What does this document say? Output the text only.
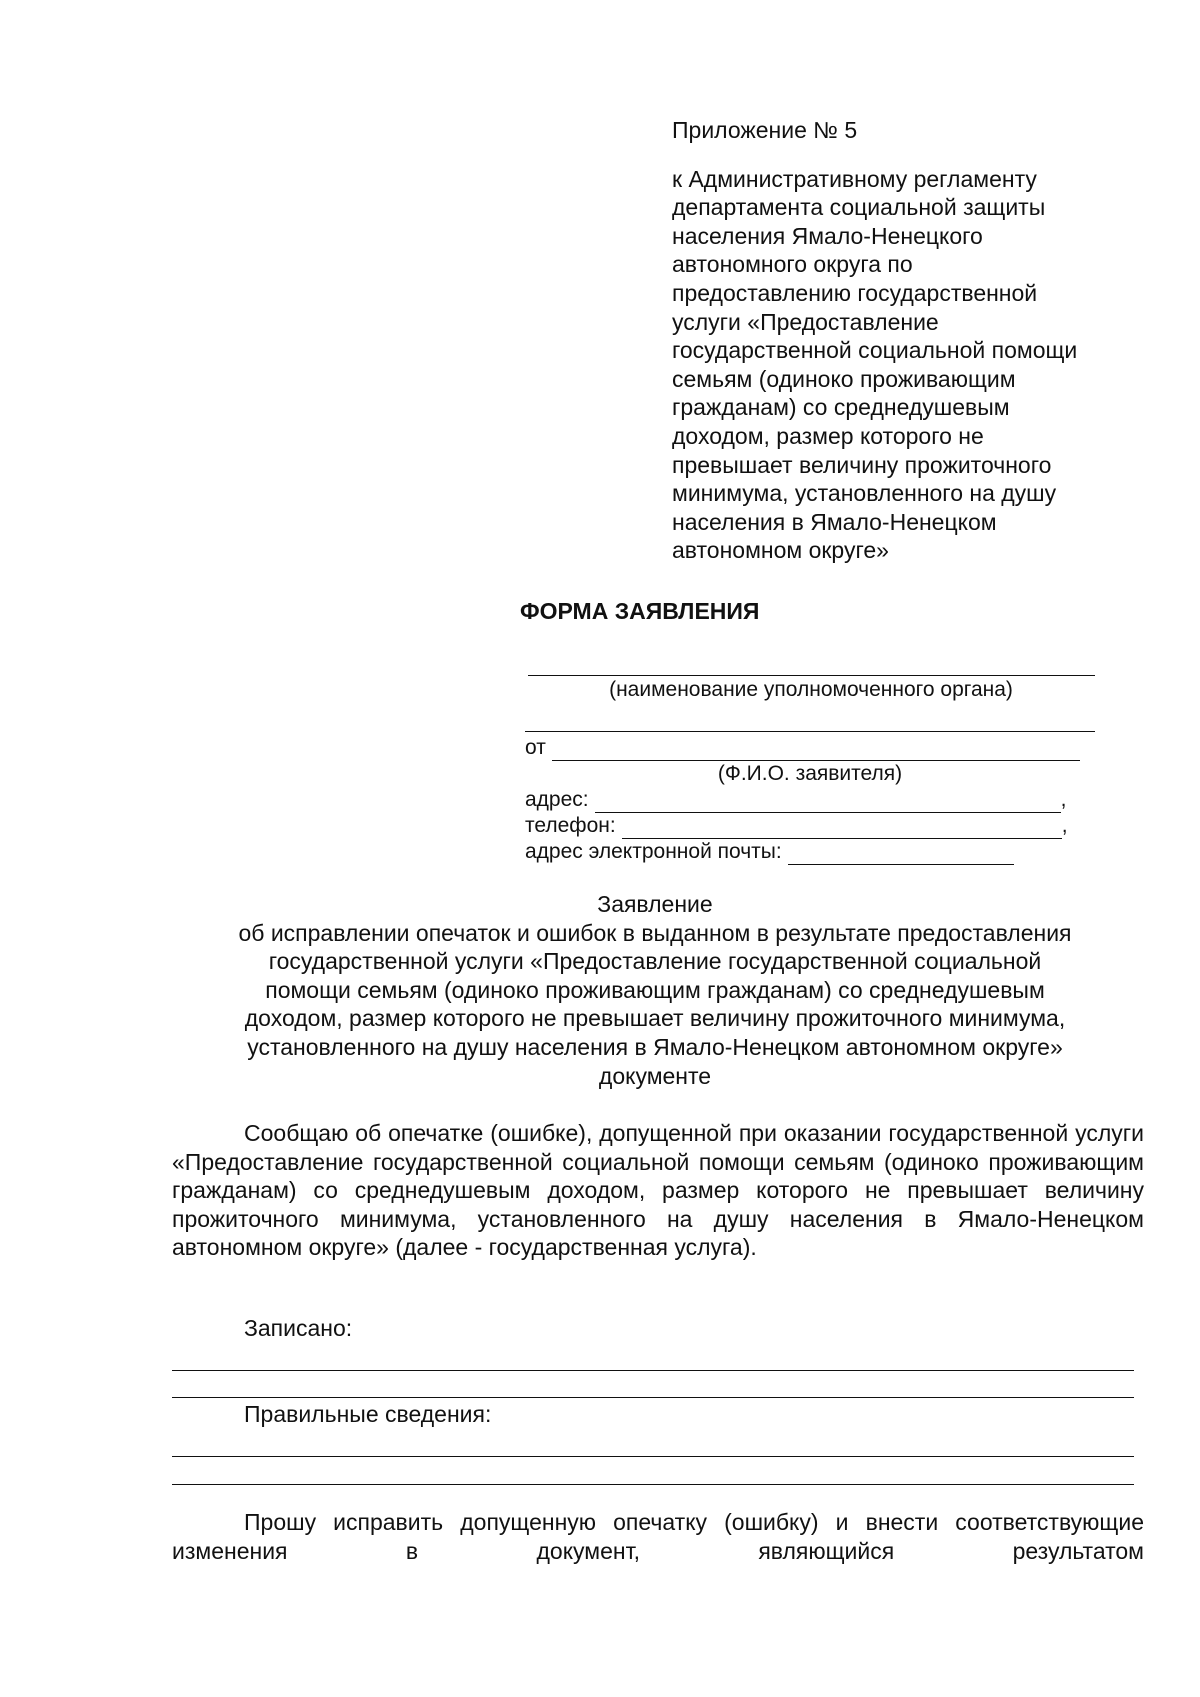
Приложение № 5
к Административному регламенту
департамента социальной защиты
населения Ямало-Ненецкого
автономного округа по
предоставлению государственной
услуги «Предоставление
государственной социальной помощи
семьям (одиноко проживающим
гражданам) со среднедушевым
доходом, размер которого не
превышает величину прожиточного
минимума, установленного на душу
населения в Ямало-Ненецком
автономном округе»
ФОРМА ЗАЯВЛЕНИЯ
(наименование уполномоченного органа)
от
(Ф.И.О. заявителя)
адрес:	,
телефон:	,
адрес электронной почты:
Заявление
об исправлении опечаток и ошибок в выданном в результате предоставления
государственной услуги «Предоставление государственной социальной
помощи семьям (одиноко проживающим гражданам) со среднедушевым
доходом, размер которого не превышает величину прожиточного минимума,
установленного на душу населения в Ямало-Ненецком автономном округе»
документе
Сообщаю об опечатке (ошибке), допущенной при оказании государственной услуги «Предоставление государственной социальной помощи семьям (одиноко проживающим гражданам) со среднедушевым доходом, размер которого не превышает величину прожиточного минимума, установленного на душу населения в Ямало-Ненецком автономном округе» (далее - государственная услуга).
Записано:
Правильные сведения:
Прошу исправить допущенную опечатку (ошибку) и внести соответствующие изменения в документ, являющийся результатом
